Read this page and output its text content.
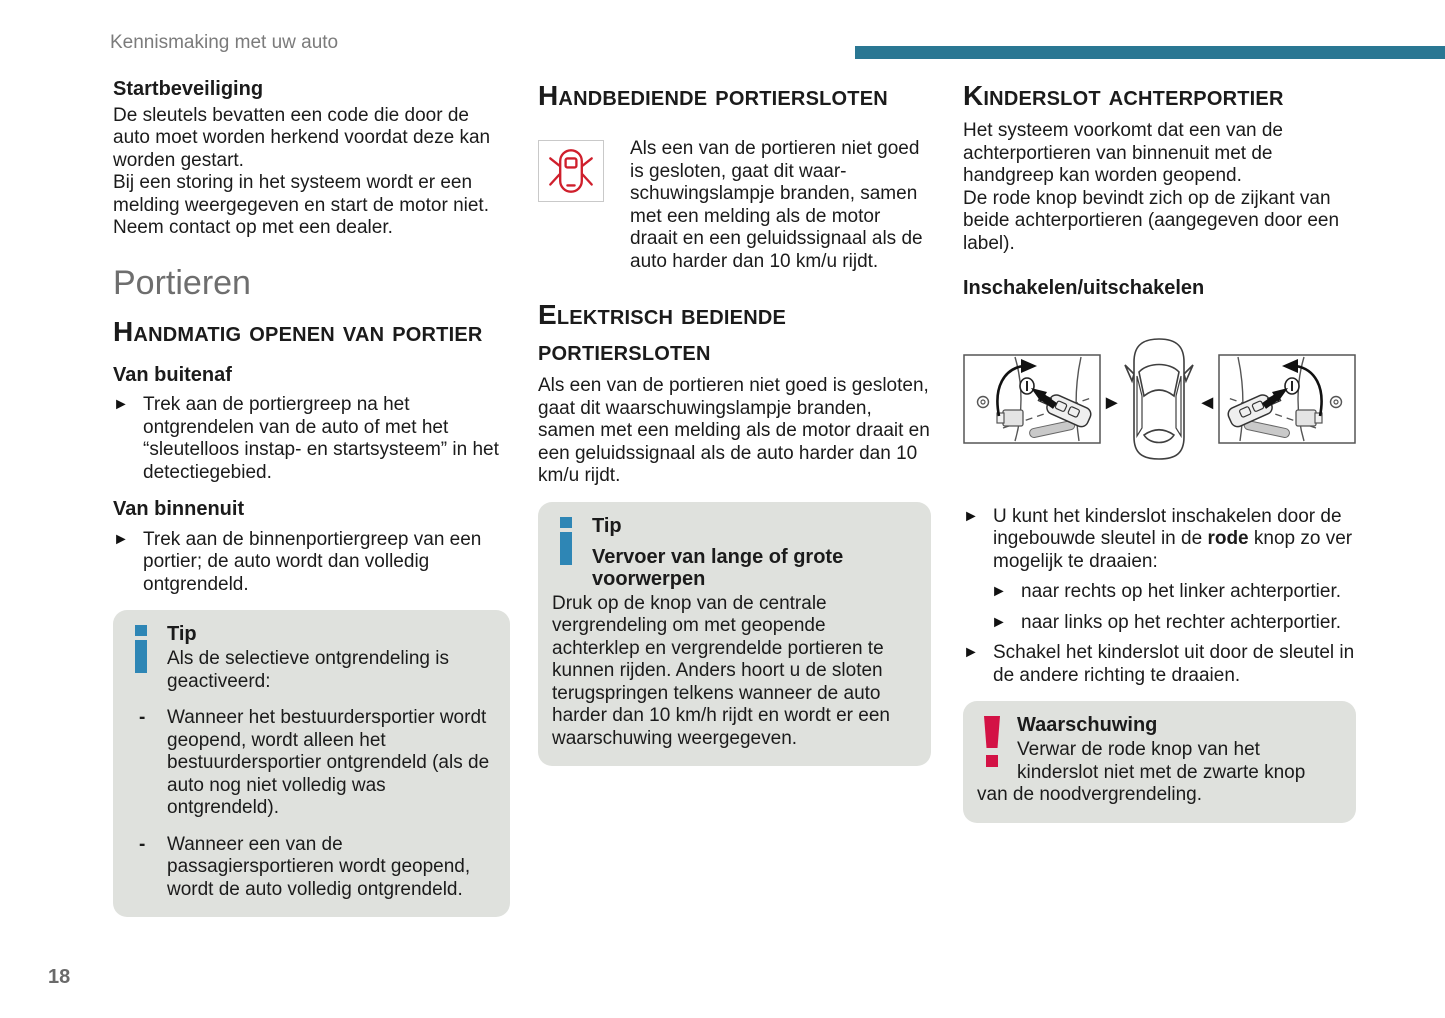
Kennismaking met uw auto
Startbeveiliging

De sleutels bevatten een code die door de auto moet worden herkend voordat deze kan worden gestart.

Bij een storing in het systeem wordt er een melding weergegeven en start de motor niet.

Neem contact op met een dealer.

Portieren
Handmatig openen van portier
Van buitenaf
► Trek aan de portiergreep na het ontgrendelen van de auto of met het “sleutelloos instap- en startsysteem” in het detectiegebied.
Van binnenuit
► Trek aan de binnenportiergreep van een portier; de auto wordt dan volledig ontgrendeld.
Tip
Als de selectieve ontgrendeling is geactiveerd:
-	Wanneer het bestuurdersportier wordt geopend, wordt alleen het bestuurdersportier ontgrendeld (als de auto nog niet volledig was ontgrendeld).
-	Wanneer een van de passagiersportieren wordt geopend, wordt de auto volledig ontgrendeld.
Handbediende portiersloten

Als een van de portieren niet goed is gesloten, gaat dit waar-schuwingslampje branden, samen met een melding als de motor draait en een geluidssignaal als de auto harder dan 10 km/u rijdt.

Elektrisch bediende portiersloten

Als een van de portieren niet goed is gesloten, gaat dit waarschuwingslampje branden, samen met een melding als de motor draait en een geluidssignaal als de auto harder dan 10 km/u rijdt.

Tip
Vervoer van lange of grote voorwerpen
Druk op de knop van de centrale vergrendeling om met geopende achterklep en vergrendelde portieren te kunnen rijden. Anders hoort u de sloten terugspringen telkens wanneer de auto harder dan 10 km/h rijdt en wordt er een waarschuwing weergegeven.
Kinderslot achterportier

Het systeem voorkomt dat een van de achterportieren van binnenuit met de handgreep kan worden geopend.

De rode knop bevindt zich op de zijkant van beide achterportieren (aangegeven door een label).

Inschakelen/uitschakelen
►	◄
► U kunt het kinderslot inschakelen door de ingebouwde sleutel in de rode knop zo ver mogelijk te draaien:
► naar rechts op het linker achterportier.
► naar links op het rechter achterportier.
► Schakel het kinderslot uit door de sleutel in de andere richting te draaien.
Waarschuwing
Verwar de rode knop van het kinderslot niet met de zwarte knop van de noodvergrendeling.
18
